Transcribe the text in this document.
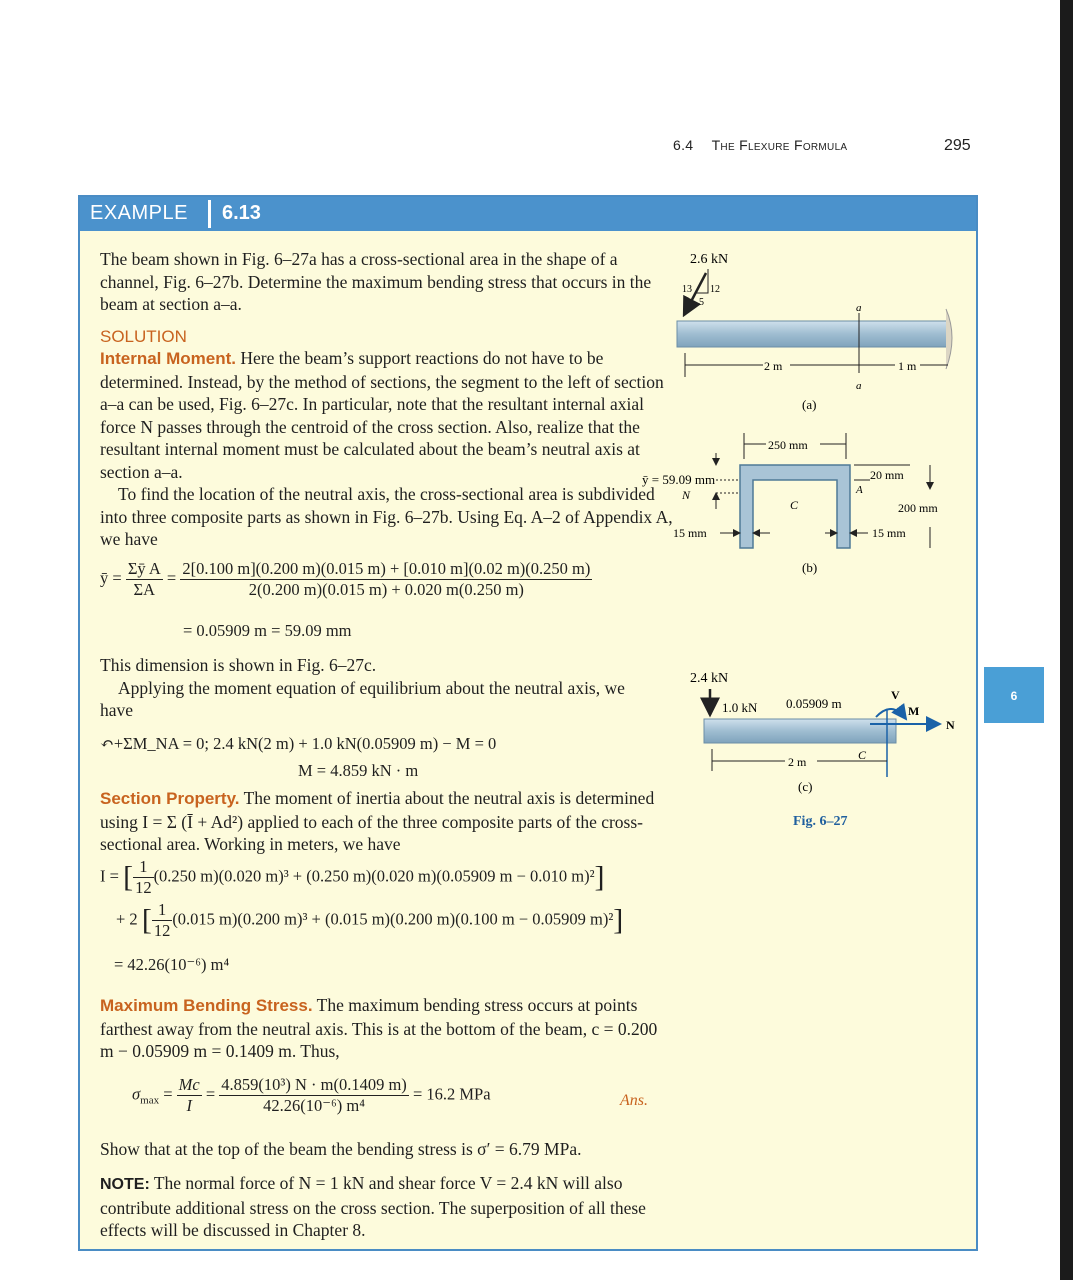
6
6.4 The Flexure Formula	295
EXAMPLE 6.13
The beam shown in Fig. 6–27a has a cross-sectional area in the shape of a channel, Fig. 6–27b. Determine the maximum bending stress that occurs in the beam at section a–a.
SOLUTION
Internal Moment. Here the beam’s support reactions do not have to be determined. Instead, by the method of sections, the segment to the left of section a–a can be used, Fig. 6–27c. In particular, note that the resultant internal axial force N passes through the centroid of the cross section. Also, realize that the resultant internal moment must be calculated about the beam’s neutral axis at section a–a.
To find the location of the neutral axis, the cross-sectional area is subdivided into three composite parts as shown in Fig. 6–27b. Using Eq. A–2 of Appendix A, we have
ȳ = $\frac{\text{Σȳ A}}{\Sigma A} = \frac{2[0.100 m](0.200 m)(0.015 m) + [0.010 m](0.02 m)(0.250 m)}{2(0.200 m)(0.015 m) + 0.020 m(0.250 m)}$
= 0.05909 m = 59.09 mm
This dimension is shown in Fig. 6–27c.
Applying the moment equation of equilibrium about the neutral axis, we have
↶+ΣM_NA = 0; 2.4 kN(2 m) + 1.0 kN(0.05909 m) − M = 0
M = 4.859 kN · m
Section Property. The moment of inertia about the neutral axis is determined using I = Σ (Ī + Ad²) applied to each of the three composite parts of the cross-sectional area. Working in meters, we have
I = [ $\frac{1}{12} (0.250$ m)(0.020 m)³ + (0.250 m)(0.020 m)(0.05909 m − 0.010 m)²]
+ 2 [ $\frac{1}{12} (0.015$ m)(0.200 m)³ + (0.015 m)(0.200 m)(0.100 m − 0.05909 m)²]
= 42.26(10⁻⁶) m⁴
Maximum Bending Stress. The maximum bending stress occurs at points farthest away from the neutral axis. This is at the bottom of the beam, c = 0.200 m − 0.05909 m = 0.1409 m. Thus,
$\sigma_{max} = \frac{Mc}{I} = \frac{\text{4.859(10³) N · m(0.1409 m)}}{\text{42.26(10⁻⁶) m⁴}} = 16.2$ MPa	Ans.
Show that at the top of the beam the bending stress is σ′ = 6.79 MPa.
NOTE: The normal force of N = 1 kN and shear force V = 2.4 kN will also contribute additional stress on the cross section. The superposition of all these effects will be discussed in Chapter 8.
2.6 kN
13 12
5	a
a
2 m	1 m
(a)
250 mm
ȳ = 59.09 mm
N
C
20 mm
A
200 mm
15 mm	15 mm
(b)
2.4 kN
1.0 kN 0.05909 m
V
M
N
C
2 m
(c)
Fig. 6–27
